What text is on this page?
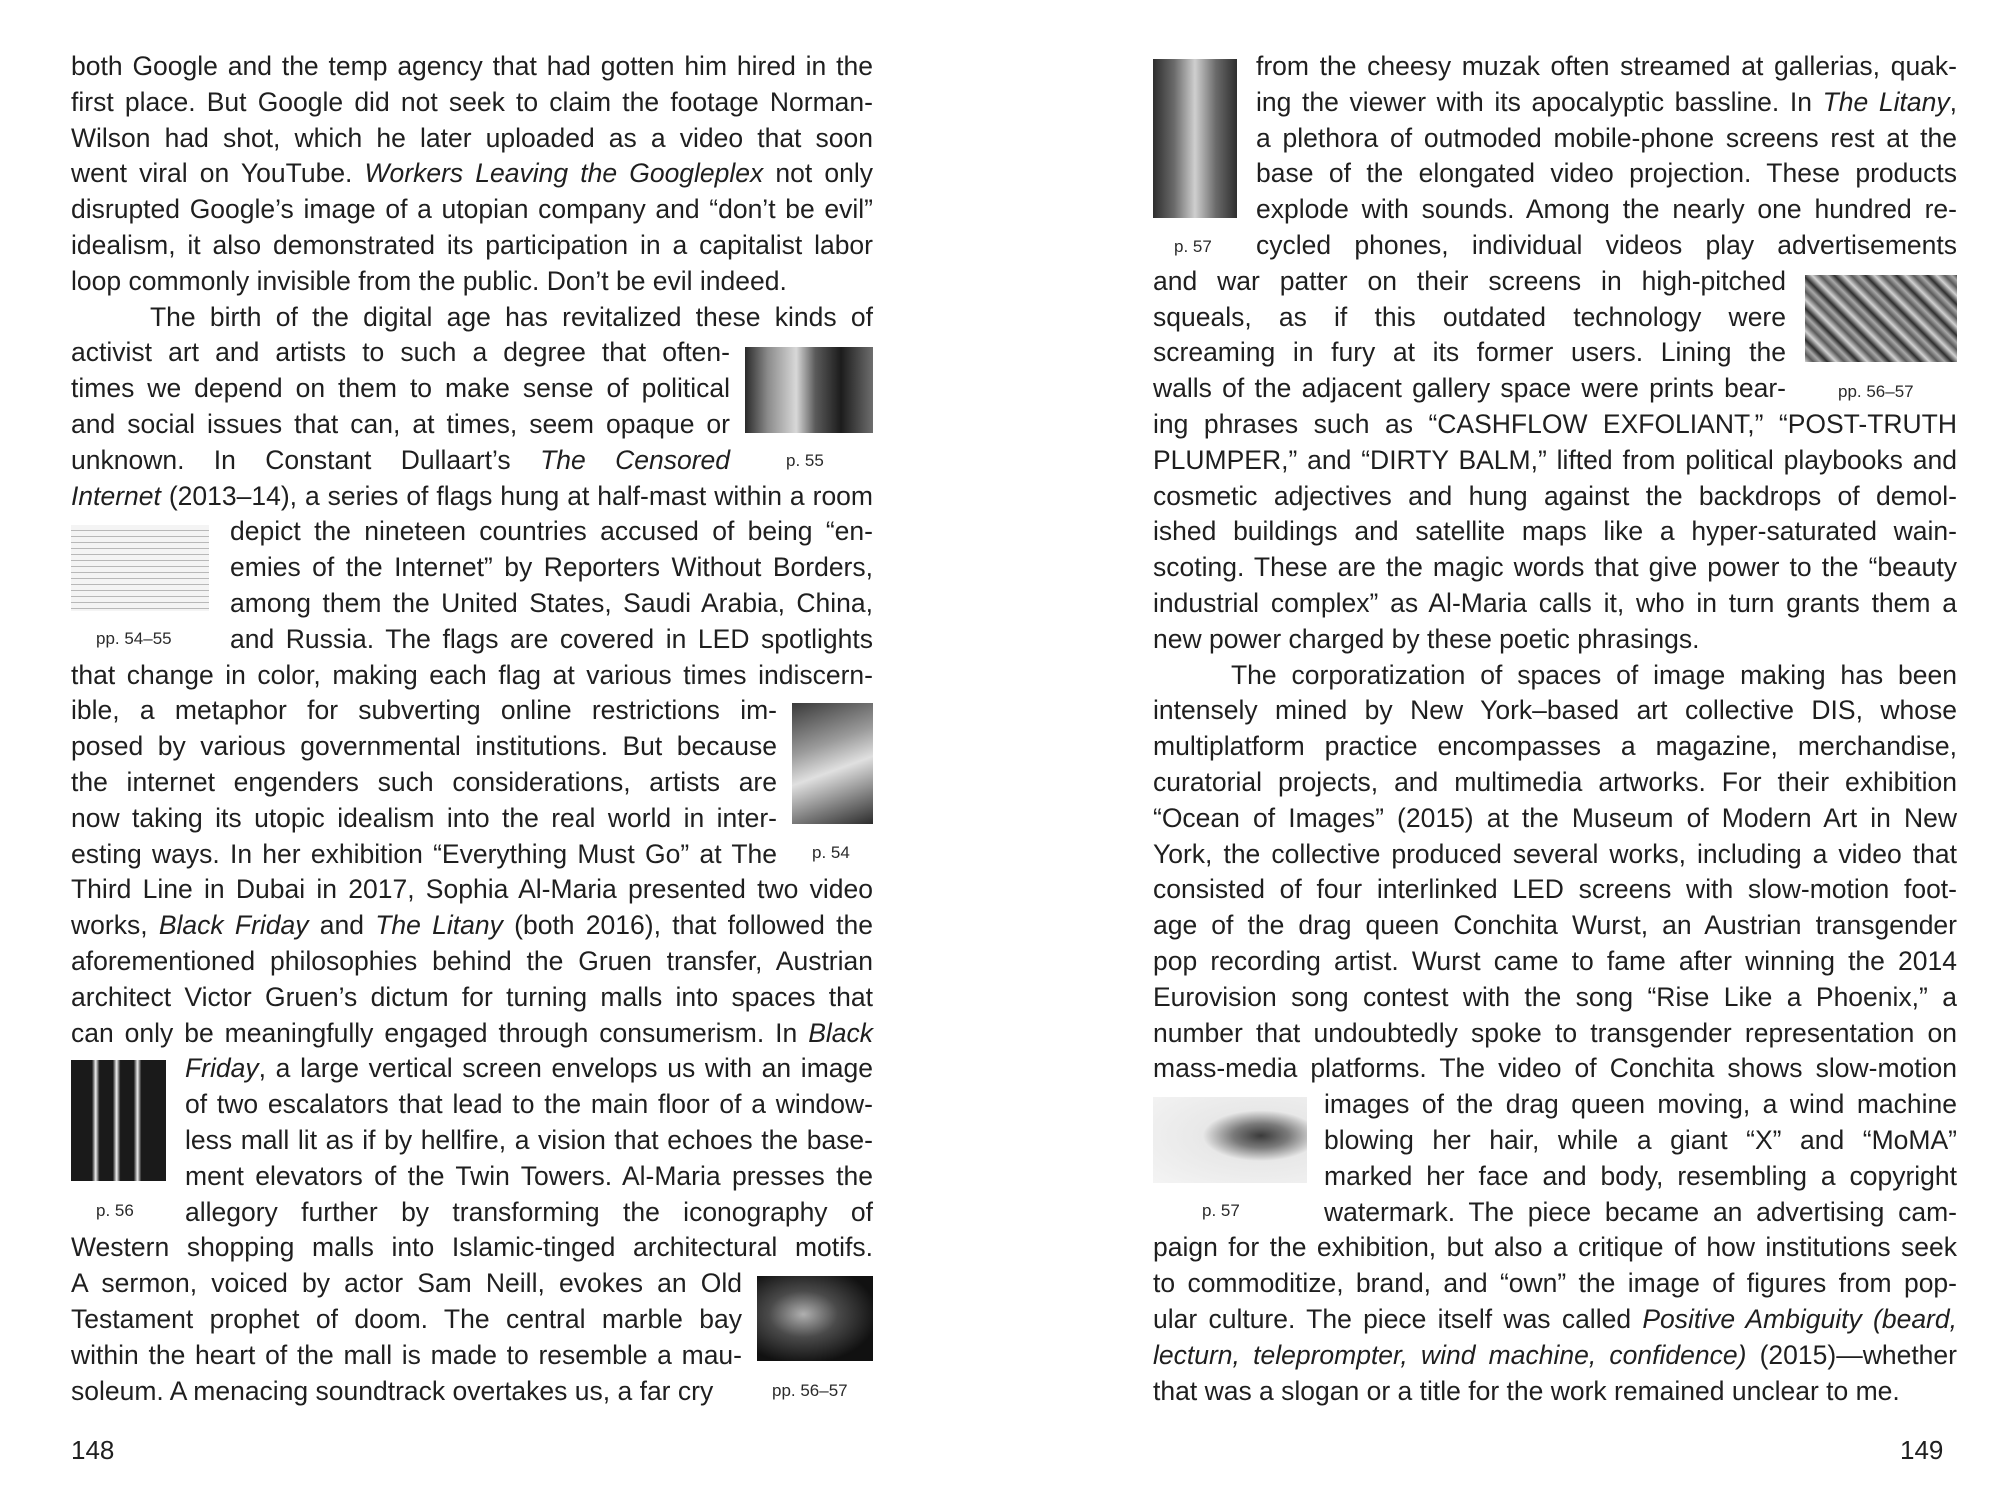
both Google and the temp agency that had gotten him hired in the
first place. But Google did not seek to claim the footage Norman-
Wilson had shot, which he later uploaded as a video that soon
went viral on YouTube. Workers Leaving the Googleplex not only
disrupted Google’s image of a utopian company and “don’t be evil”
idealism, it also demonstrated its participation in a capitalist labor
loop commonly invisible from the public. Don’t be evil indeed.
The birth of the digital age has revitalized these kinds of
activist art and artists to such a degree that often-
times we depend on them to make sense of political
and social issues that can, at times, seem opaque or
unknown. In Constant Dullaart’s The Censored
Internet (2013–14), a series of flags hung at half-mast within a room
depict the nineteen countries accused of being “en-
emies of the Internet” by Reporters Without Borders,
among them the United States, Saudi Arabia, China,
and Russia. The flags are covered in LED spotlights
that change in color, making each flag at various times indiscern-
ible, a metaphor for subverting online restrictions im-
posed by various governmental institutions. But because
the internet engenders such considerations, artists are
now taking its utopic idealism into the real world in inter-
esting ways. In her exhibition “Everything Must Go” at The
Third Line in Dubai in 2017, Sophia Al-Maria presented two video
works, Black Friday and The Litany (both 2016), that followed the
aforementioned philosophies behind the Gruen transfer, Austrian
architect Victor Gruen’s dictum for turning malls into spaces that
can only be meaningfully engaged through consumerism. In Black
Friday, a large vertical screen envelops us with an image
of two escalators that lead to the main floor of a window-
less mall lit as if by hellfire, a vision that echoes the base-
ment elevators of the Twin Towers. Al-Maria presses the
allegory further by transforming the iconography of
Western shopping malls into Islamic-tinged architectural motifs.
A sermon, voiced by actor Sam Neill, evokes an Old
Testament prophet of doom. The central marble bay
within the heart of the mall is made to resemble a mau-
soleum. A menacing soundtrack overtakes us, a far cry
p. 55
pp. 54–55
p. 54
p. 56
pp. 56–57
148
from the cheesy muzak often streamed at gallerias, quak-
ing the viewer with its apocalyptic bassline. In The Litany,
a plethora of outmoded mobile-phone screens rest at the
base of the elongated video projection. These products
explode with sounds. Among the nearly one hundred re-
cycled phones, individual videos play advertisements
and war patter on their screens in high-pitched
squeals, as if this outdated technology were
screaming in fury at its former users. Lining the
walls of the adjacent gallery space were prints bear-
ing phrases such as “CASHFLOW EXFOLIANT,” “POST-TRUTH
PLUMPER,” and “DIRTY BALM,” lifted from political playbooks and
cosmetic adjectives and hung against the backdrops of demol-
ished buildings and satellite maps like a hyper-saturated wain-
scoting. These are the magic words that give power to the “beauty
industrial complex” as Al-Maria calls it, who in turn grants them a
new power charged by these poetic phrasings.
The corporatization of spaces of image making has been
intensely mined by New York–based art collective DIS, whose
multiplatform practice encompasses a magazine, merchandise,
curatorial projects, and multimedia artworks. For their exhibition
“Ocean of Images” (2015) at the Museum of Modern Art in New
York, the collective produced several works, including a video that
consisted of four interlinked LED screens with slow-motion foot-
age of the drag queen Conchita Wurst, an Austrian transgender
pop recording artist. Wurst came to fame after winning the 2014
Eurovision song contest with the song “Rise Like a Phoenix,” a
number that undoubtedly spoke to transgender representation on
mass-media platforms. The video of Conchita shows slow-motion
images of the drag queen moving, a wind machine
blowing her hair, while a giant “X” and “MoMA”
marked her face and body, resembling a copyright
watermark. The piece became an advertising cam-
paign for the exhibition, but also a critique of how institutions seek
to commoditize, brand, and “own” the image of figures from pop-
ular culture. The piece itself was called Positive Ambiguity (beard,
lecturn, teleprompter, wind machine, confidence) (2015)—whether
that was a slogan or a title for the work remained unclear to me.
p. 57
pp. 56–57
p. 57
149
